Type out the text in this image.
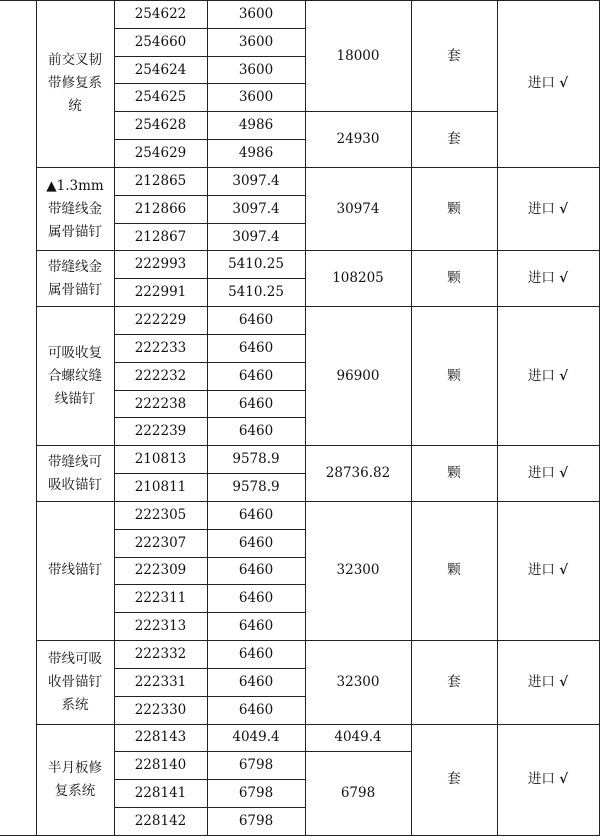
	前交叉韧带修复系统	254622	3600	18000	套	进口 √
		254660	3600			
		254624	3600			
		254625	3600			
		254628	4986	24930	套	
		254629	4986			
	▲1.3mm带缝线金属骨锚钉	212865	3097.4	30974	颗	进口 √
		212866	3097.4			
		212867	3097.4			
	带缝线金属骨锚钉	222993	5410.25	108205	颗	进口 √
		222991	5410.25			
	可吸收复合螺纹缝线锚钉	222229	6460	96900	颗	进口 √
		222233	6460			
		222232	6460			
		222238	6460			
		222239	6460			
	带缝线可吸收锚钉	210813	9578.9	28736.82	颗	进口 √
		210811	9578.9			
	带线锚钉	222305	6460	32300	颗	进口 √
		222307	6460			
		222309	6460			
		222311	6460			
		222313	6460			
	带线可吸收骨锚钉系统	222332	6460	32300	套	进口 √
		222331	6460			
		222330	6460			
	半月板修复系统	228143	4049.4	4049.4	套	进口 √
		228140	6798	6798		
		228141	6798			
		228142	6798			
